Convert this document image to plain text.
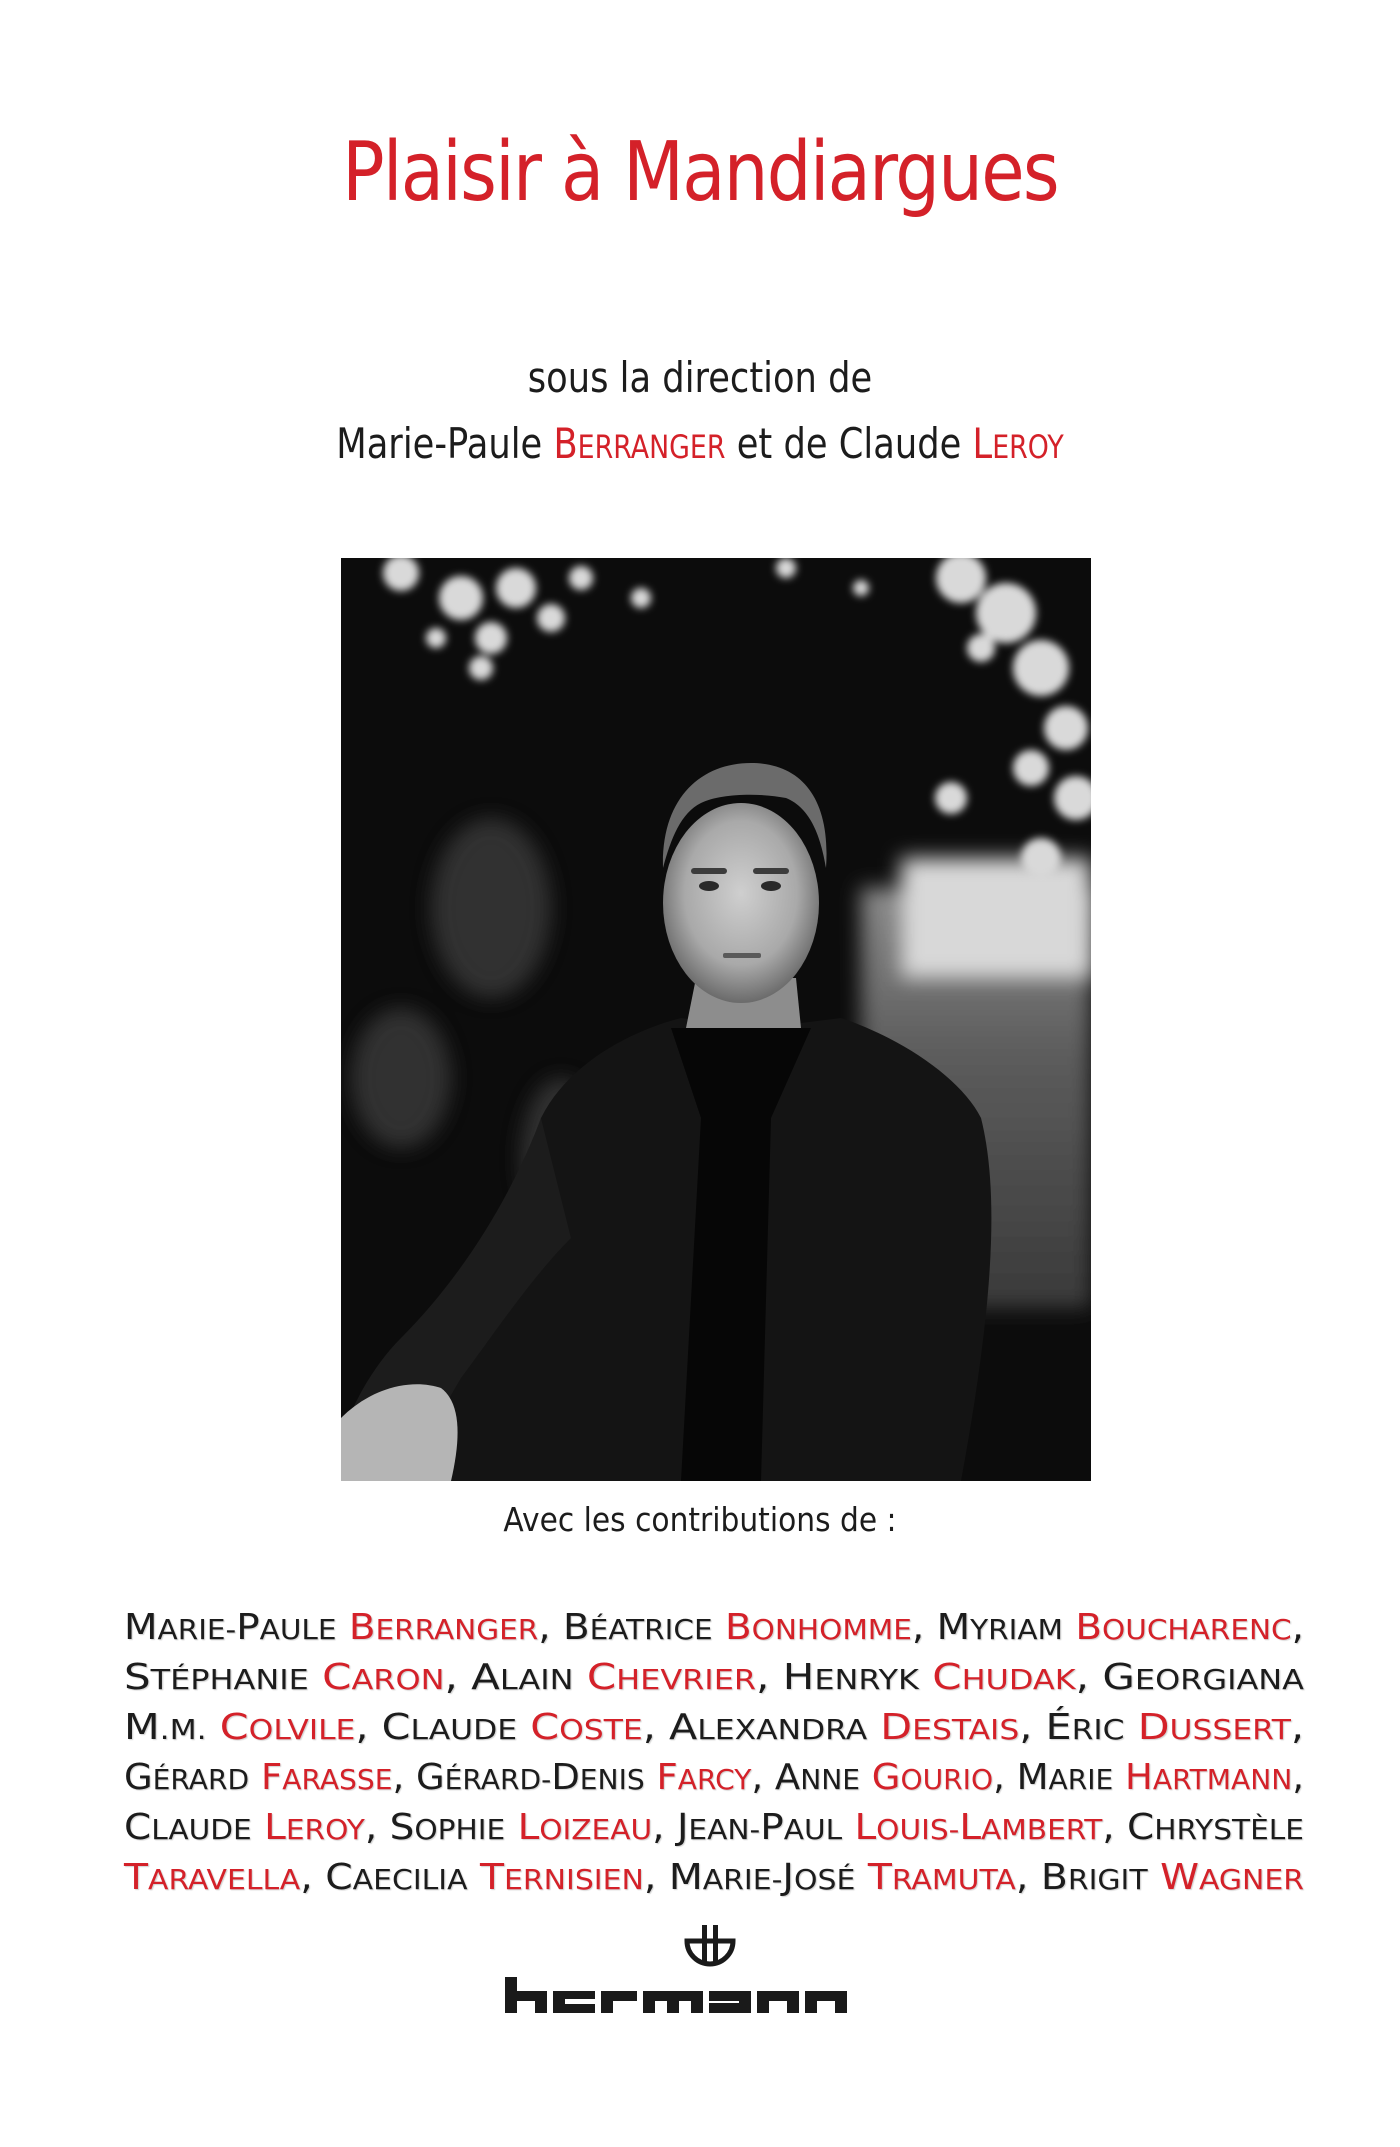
Plaisir à Mandiargues
sous la direction de
Marie-Paule BERRANGER et de Claude LEROY
Avec les contributions de :
MARIE-PAULE BERRANGER, BÉATRICE BONHOMME, MYRIAM BOUCHARENC,
STÉPHANIE CARON, ALAIN CHEVRIER, HENRYK CHUDAK, GEORGIANA
M.M. COLVILE, CLAUDE COSTE, ALEXANDRA DESTAIS, ÉRIC DUSSERT,
GÉRARD FARASSE, GÉRARD-DENIS FARCY, ANNE GOURIO, MARIE HARTMANN,
CLAUDE LEROY, SOPHIE LOIZEAU, JEAN-PAUL LOUIS-LAMBERT, CHRYSTÈLE
TARAVELLA, CAECILIA TERNISIEN, MARIE-JOSÉ TRAMUTA, BRIGIT WAGNER
